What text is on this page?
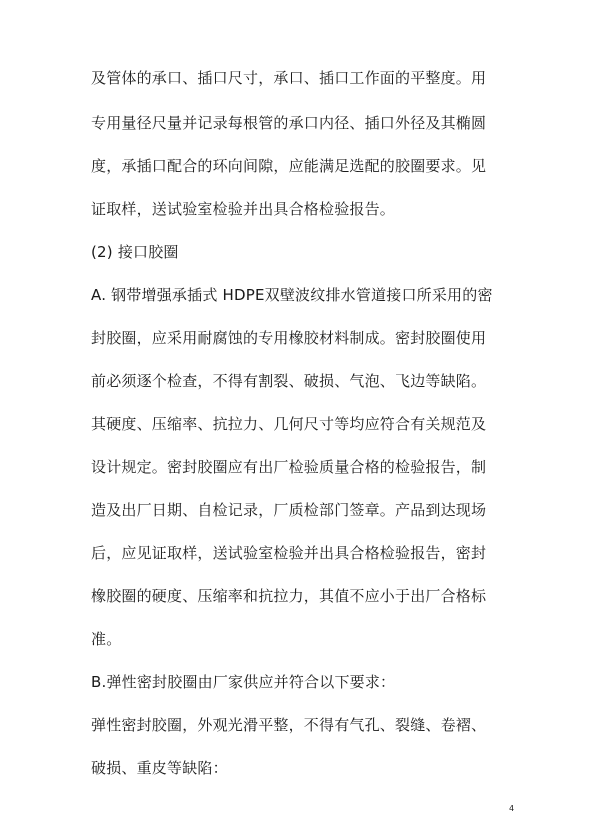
及管体的承口、插口尺寸，承口、插口工作面的平整度。用
专用量径尺量并记录每根管的承口内径、插口外径及其椭圆
度，承插口配合的环向间隙，应能满足选配的胶圈要求。见
证取样，送试验室检验并出具合格检验报告。
(2) 接口胶圈
A. 钢带增强承插式 HDPE双壁波纹排水管道接口所采用的密
封胶圈，应采用耐腐蚀的专用橡胶材料制成。密封胶圈使用
前必须逐个检查，不得有割裂、破损、气泡、飞边等缺陷。
其硬度、压缩率、抗拉力、几何尺寸等均应符合有关规范及
设计规定。密封胶圈应有出厂检验质量合格的检验报告，制
造及出厂日期、自检记录，厂质检部门签章。产品到达现场
后，应见证取样，送试验室检验并出具合格检验报告，密封
橡胶圈的硬度、压缩率和抗拉力，其值不应小于出厂合格标
准。
B.弹性密封胶圈由厂家供应并符合以下要求：
弹性密封胶圈，外观光滑平整，不得有气孔、裂缝、卷褶、
破损、重皮等缺陷：
4
